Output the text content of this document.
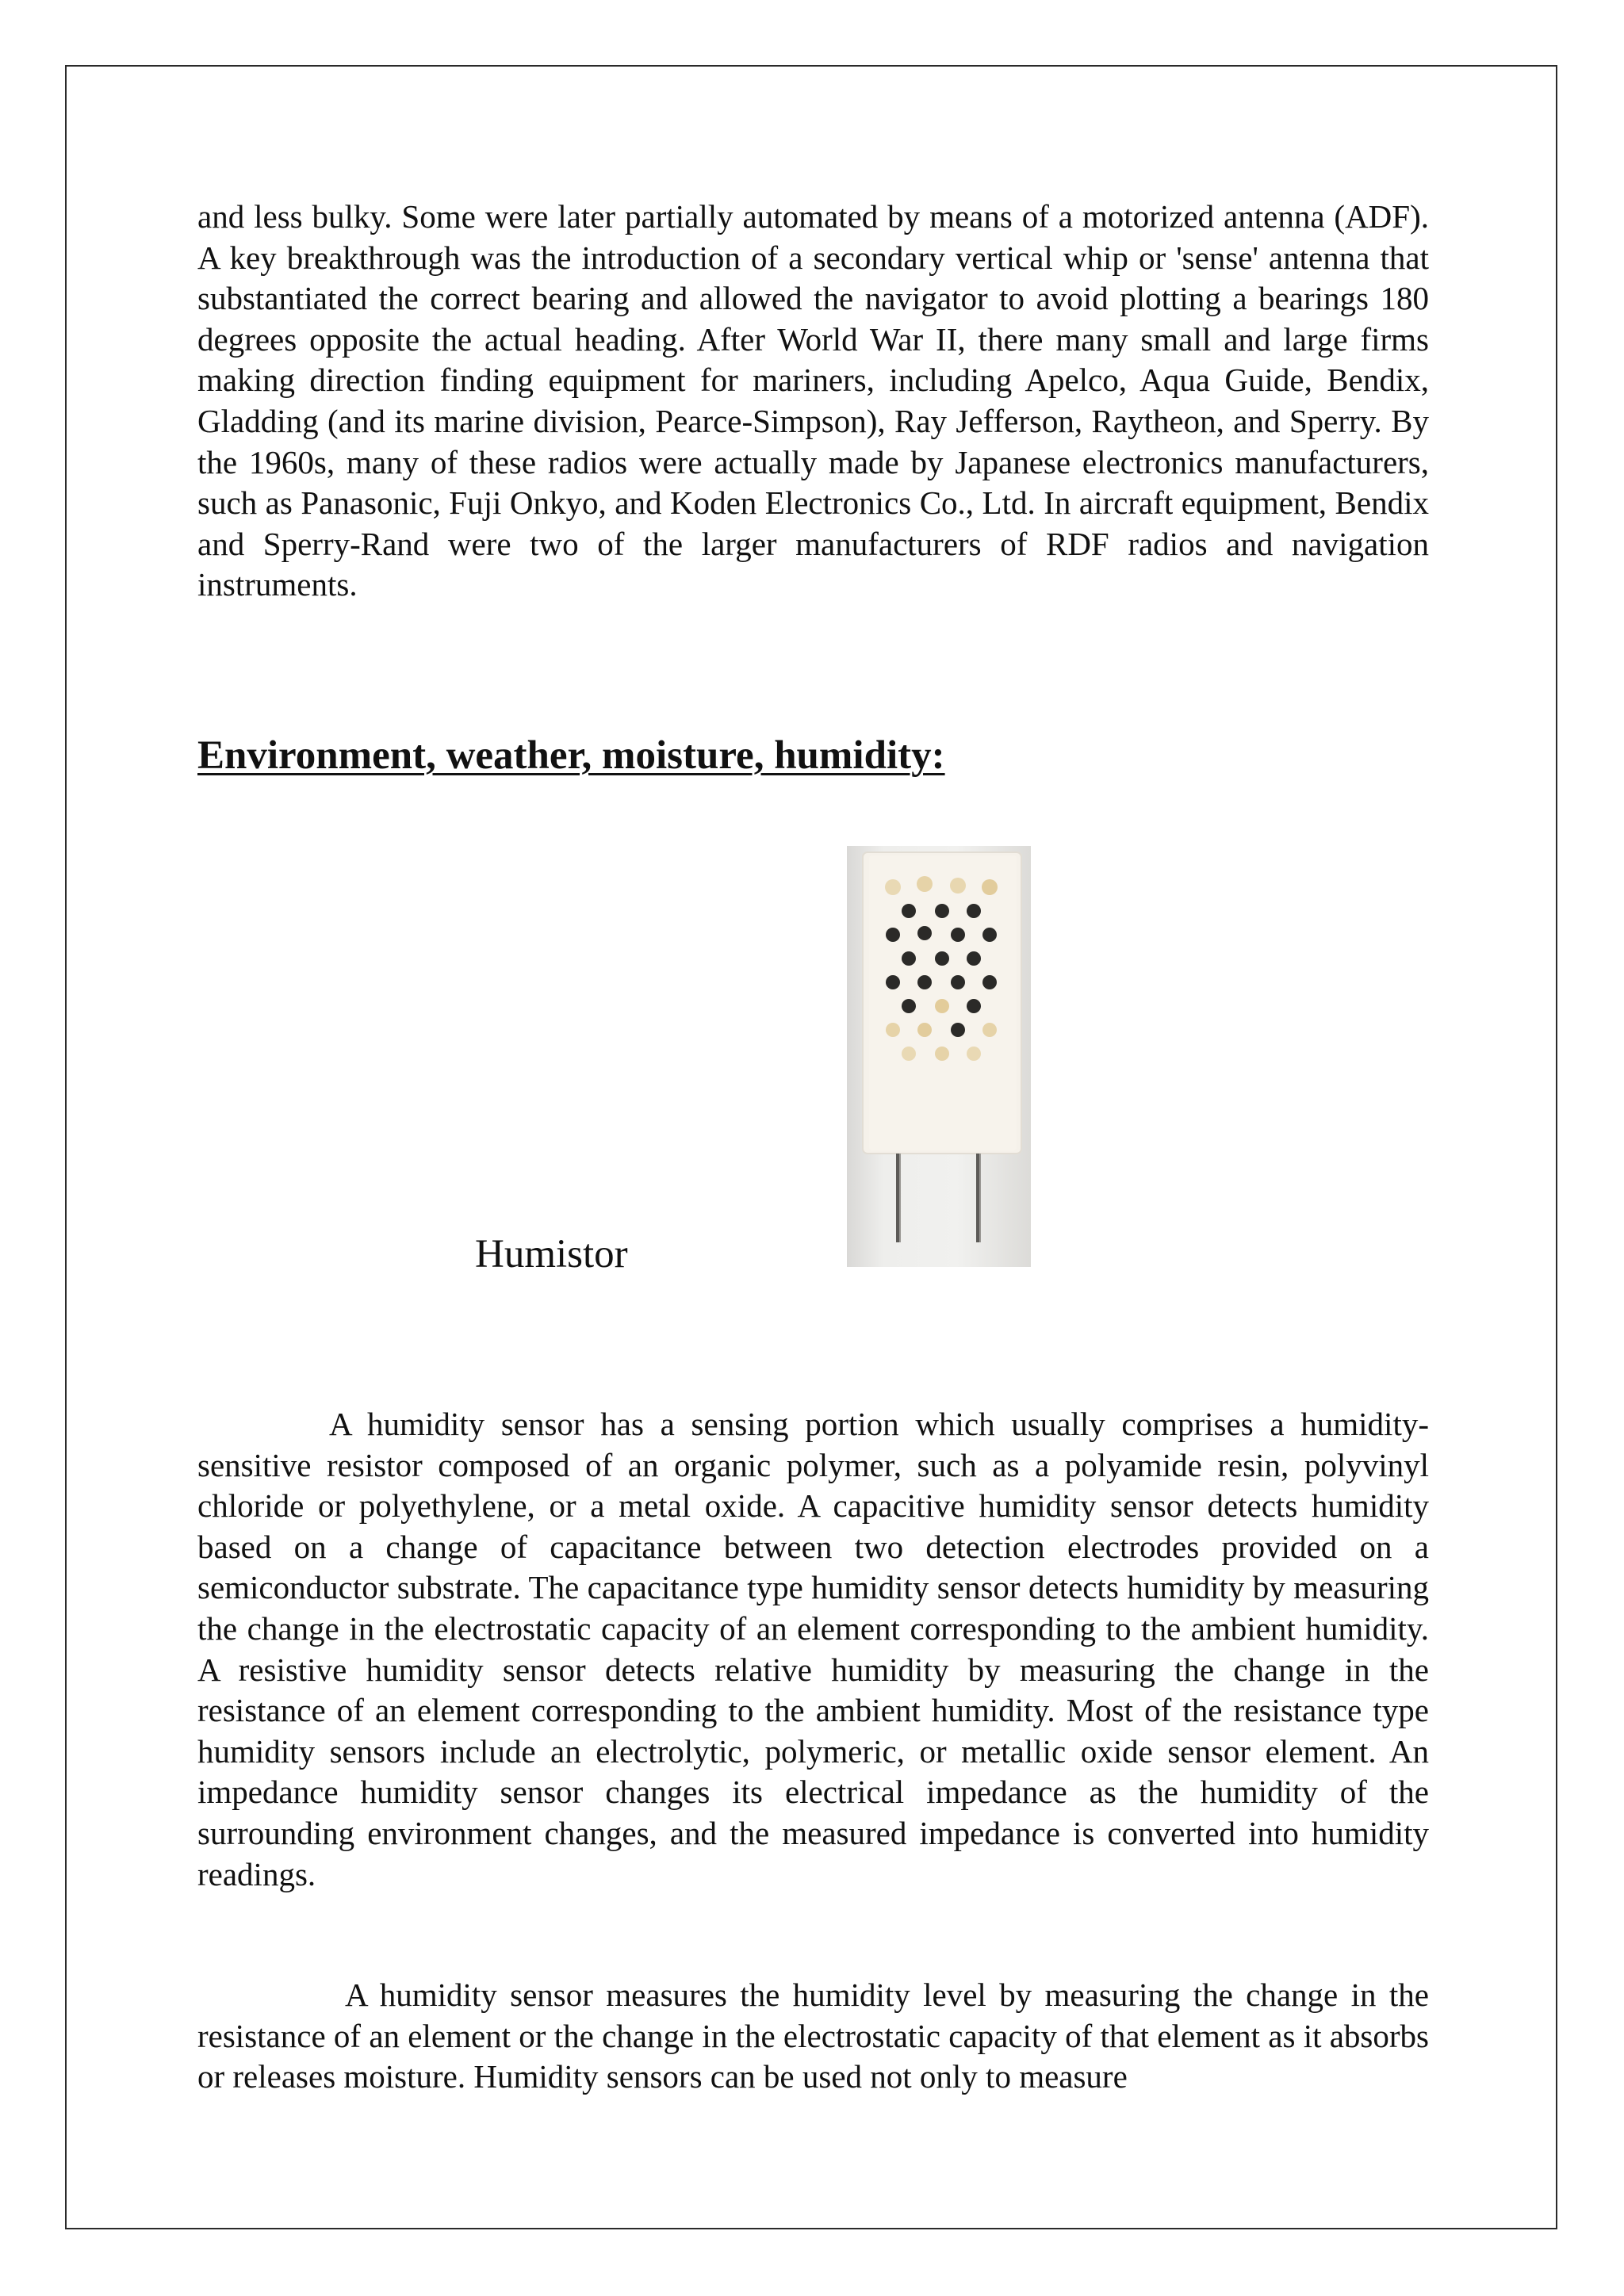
and less bulky. Some were later partially automated by means of a motorized antenna (ADF). A key breakthrough was the introduction of a secondary vertical whip or 'sense' antenna that substantiated the correct bearing and allowed the navigator to avoid plotting a bearings 180 degrees opposite the actual heading. After World War II, there many small and large firms making direction finding equipment for mariners, including Apelco, Aqua Guide, Bendix, Gladding (and its marine division, Pearce-Simpson), Ray Jefferson, Raytheon, and Sperry. By the 1960s, many of these radios were actually made by Japanese electronics manufacturers, such as Panasonic, Fuji Onkyo, and Koden Electronics Co., Ltd. In aircraft equipment, Bendix and Sperry-Rand were two of the larger manufacturers of RDF radios and navigation instruments.

Environment, weather, moisture, humidity:

Humistor

A humidity sensor has a sensing portion which usually comprises a humidity-sensitive resistor composed of an organic polymer, such as a polyamide resin, polyvinyl chloride or polyethylene, or a metal oxide. A capacitive humidity sensor detects humidity based on a change of capacitance between two detection electrodes provided on a semiconductor substrate. The capacitance type humidity sensor detects humidity by measuring the change in the electrostatic capacity of an element corresponding to the ambient humidity. A resistive humidity sensor detects relative humidity by measuring the change in the resistance of an element corresponding to the ambient humidity. Most of the resistance type humidity sensors include an electrolytic, polymeric, or metallic oxide sensor element. An impedance humidity sensor changes its electrical impedance as the humidity of the surrounding environment changes, and the measured impedance is converted into humidity readings.

A humidity sensor measures the humidity level by measuring the change in the resistance of an element or the change in the electrostatic capacity of that element as it absorbs or releases moisture. Humidity sensors can be used not only to measure
